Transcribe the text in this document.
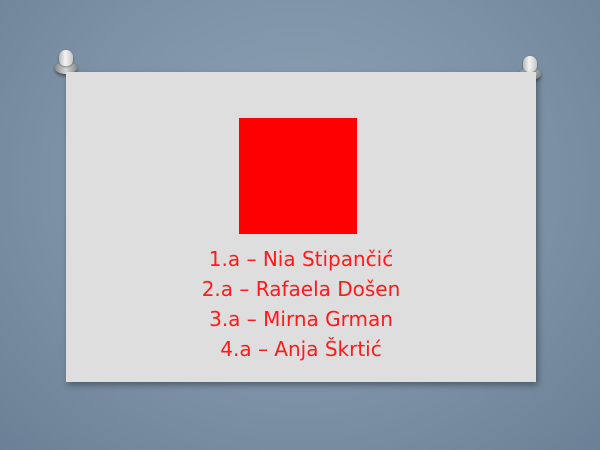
1.a – Nia Stipančić
2.a – Rafaela Došen
3.a – Mirna Grman
4.a – Anja Škrtić
